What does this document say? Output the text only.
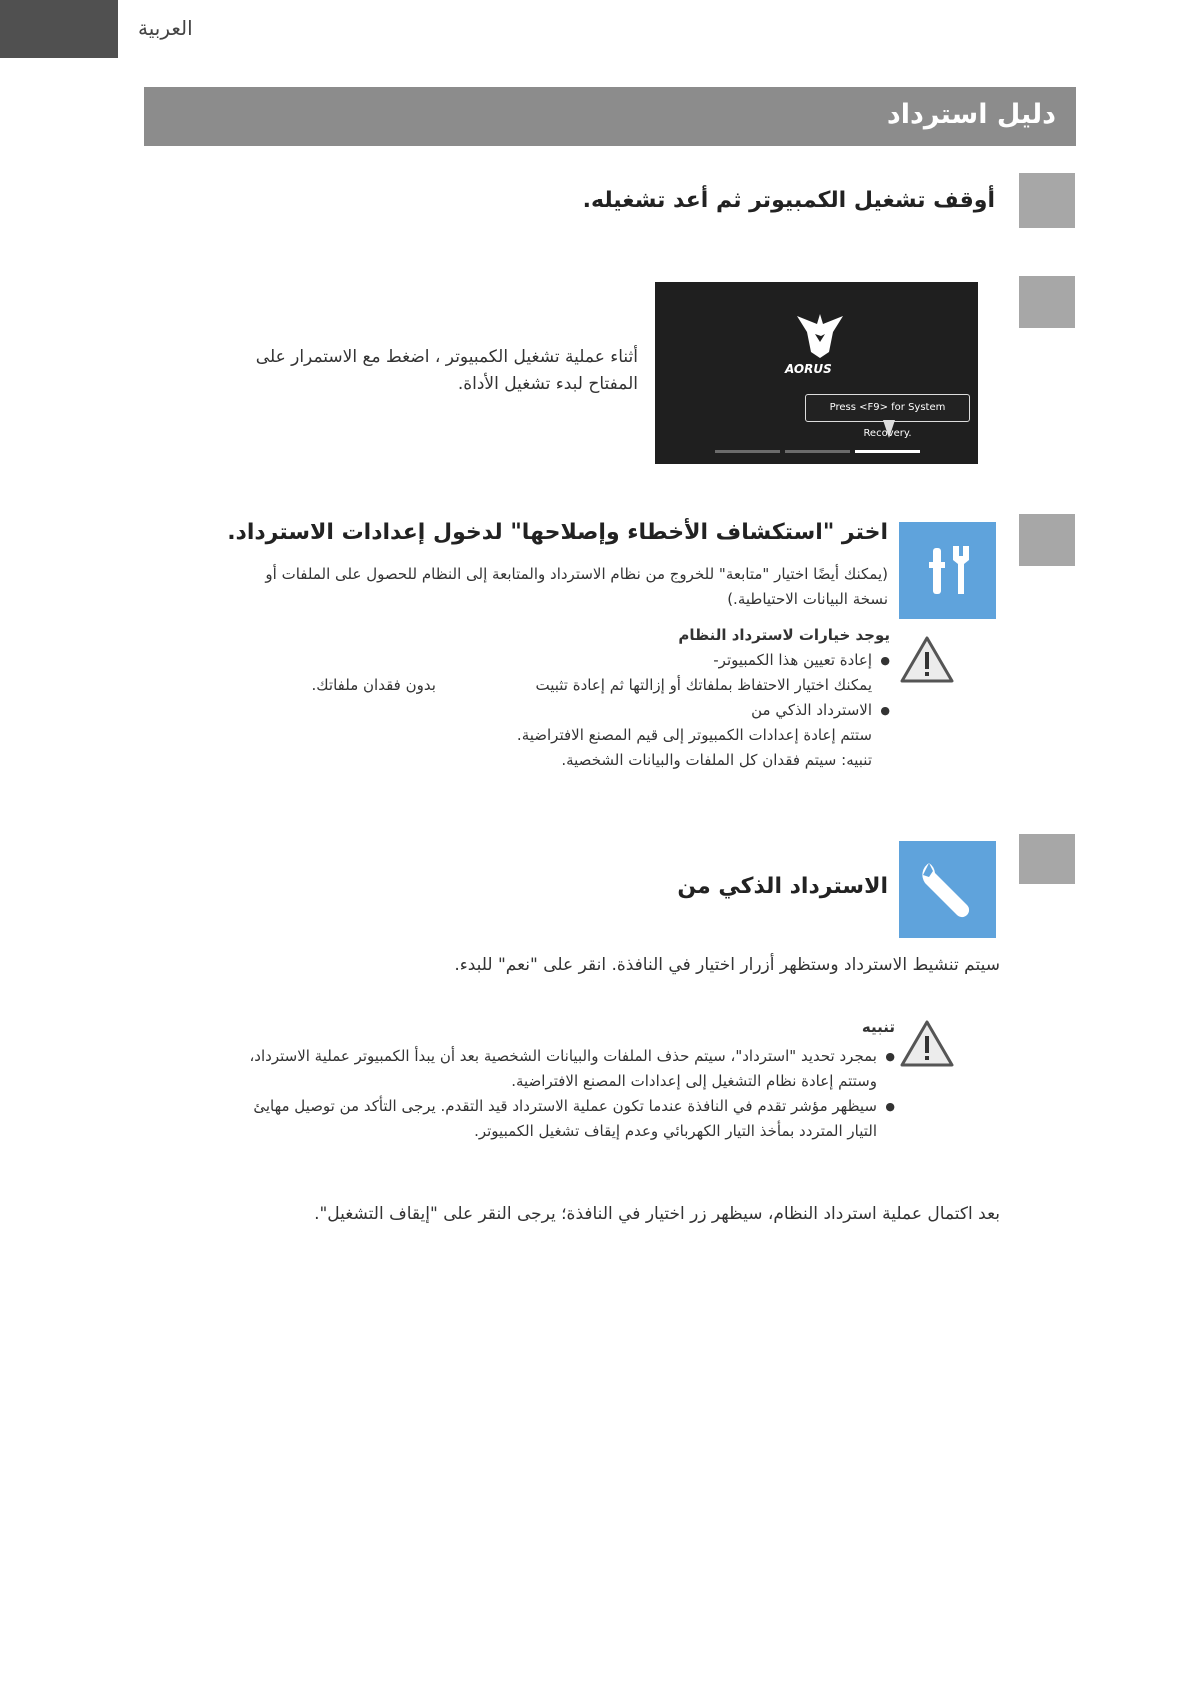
العربية
دليل استرداد
أوقف تشغيل الكمبيوتر ثم أعد تشغيله.
AORUS
Press <F9> for System Recovery.
أثناء عملية تشغيل الكمبيوتر ، اضغط مع الاستمرار على
المفتاح لبدء تشغيل الأداة.
اختر "استكشاف الأخطاء وإصلاحها" لدخول إعدادات الاسترداد.
(يمكنك أيضًا اختيار "متابعة" للخروج من نظام الاسترداد والمتابعة إلى النظام للحصول على الملفات أو
نسخة البيانات الاحتياطية.)
يوجد خيارات لاسترداد النظام
● إعادة تعيين هذا الكمبيوتر-
يمكنك اختيار الاحتفاظ بملفاتك أو إزالتها ثم إعادة تثبيت  بدون فقدان ملفاتك.
● الاسترداد الذكي من
ستتم إعادة إعدادات الكمبيوتر إلى قيم المصنع الافتراضية.
تنبيه: سيتم فقدان كل الملفات والبيانات الشخصية.
الاسترداد الذكي من
سيتم تنشيط الاسترداد وستظهر أزرار اختيار في النافذة. انقر على "نعم" للبدء.
تنبيه
● بمجرد تحديد "استرداد"، سيتم حذف الملفات والبيانات الشخصية بعد أن يبدأ الكمبيوتر عملية الاسترداد،
وستتم إعادة نظام التشغيل إلى إعدادات المصنع الافتراضية.
● سيظهر مؤشر تقدم في النافذة عندما تكون عملية الاسترداد قيد التقدم. يرجى التأكد من توصيل مهايئ
التيار المتردد بمأخذ التيار الكهربائي وعدم إيقاف تشغيل الكمبيوتر.
بعد اكتمال عملية استرداد النظام، سيظهر زر اختيار في النافذة؛ يرجى النقر على "إيقاف التشغيل".
